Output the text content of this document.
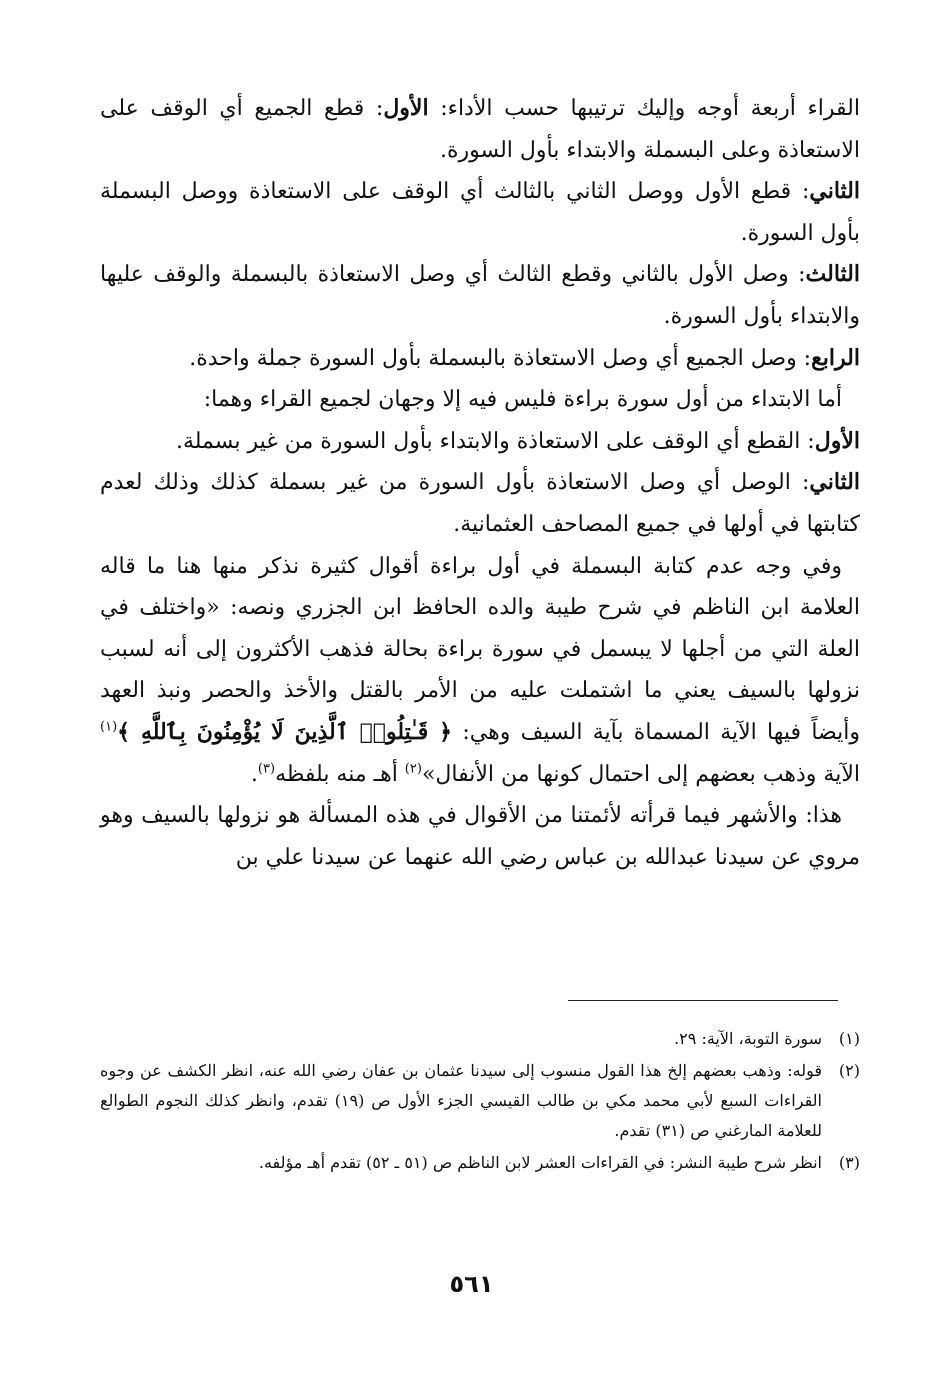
القراء أربعة أوجه وإليك ترتيبها حسب الأداء: الأول: قطع الجميع أي الوقف على الاستعاذة وعلى البسملة والابتداء بأول السورة.

الثاني: قطع الأول ووصل الثاني بالثالث أي الوقف على الاستعاذة ووصل البسملة بأول السورة.

الثالث: وصل الأول بالثاني وقطع الثالث أي وصل الاستعاذة بالبسملة والوقف عليها والابتداء بأول السورة.

الرابع: وصل الجميع أي وصل الاستعاذة بالبسملة بأول السورة جملة واحدة.

أما الابتداء من أول سورة براءة فليس فيه إلا وجهان لجميع القراء وهما:

الأول: القطع أي الوقف على الاستعاذة والابتداء بأول السورة من غير بسملة.

الثاني: الوصل أي وصل الاستعاذة بأول السورة من غير بسملة كذلك وذلك لعدم كتابتها في أولها في جميع المصاحف العثمانية.

وفي وجه عدم كتابة البسملة في أول براءة أقوال كثيرة نذكر منها هنا ما قاله العلامة ابن الناظم في شرح طيبة والده الحافظ ابن الجزري ونصه: «واختلف في العلة التي من أجلها لا يبسمل في سورة براءة بحالة فذهب الأكثرون إلى أنه لسبب نزولها بالسيف يعني ما اشتملت عليه من الأمر بالقتل والأخذ والحصر ونبذ العهد وأيضاً فيها الآية المسماة بآية السيف وهي: ﴿ قَـٰتِلُوا۟ ٱلَّذِينَ لَا يُؤْمِنُونَ بِٱللَّهِ ﴾$^{(١)}$ الآية وذهب بعضهم إلى احتمال كونها من الأنفال»$^{(٢)}$ أهـ منه بلفظه$^{(٣)}$.

هذا: والأشهر فيما قرأته لأئمتنا من الأقوال في هذه المسألة هو نزولها بالسيف وهو مروي عن سيدنا عبدالله بن عباس رضي الله عنهما عن سيدنا علي بن

(١)
سورة التوبة، الآية: ٢٩.
(٢)
قوله: وذهب بعضهم إلخ هذا القول منسوب إلى سيدنا عثمان بن عفان رضي الله عنه، انظر الكشف عن وجوه القراءات السبع لأبي محمد مكي بن طالب القيسي الجزء الأول ص (١٩) تقدم، وانظر كذلك النجوم الطوالع للعلامة المارغني ص (٣١) تقدم.
(٣)
انظر شرح طيبة النشر: في القراءات العشر لابن الناظم ص (٥١ ـ ٥٢) تقدم أهـ مؤلفه.
٥٦١
